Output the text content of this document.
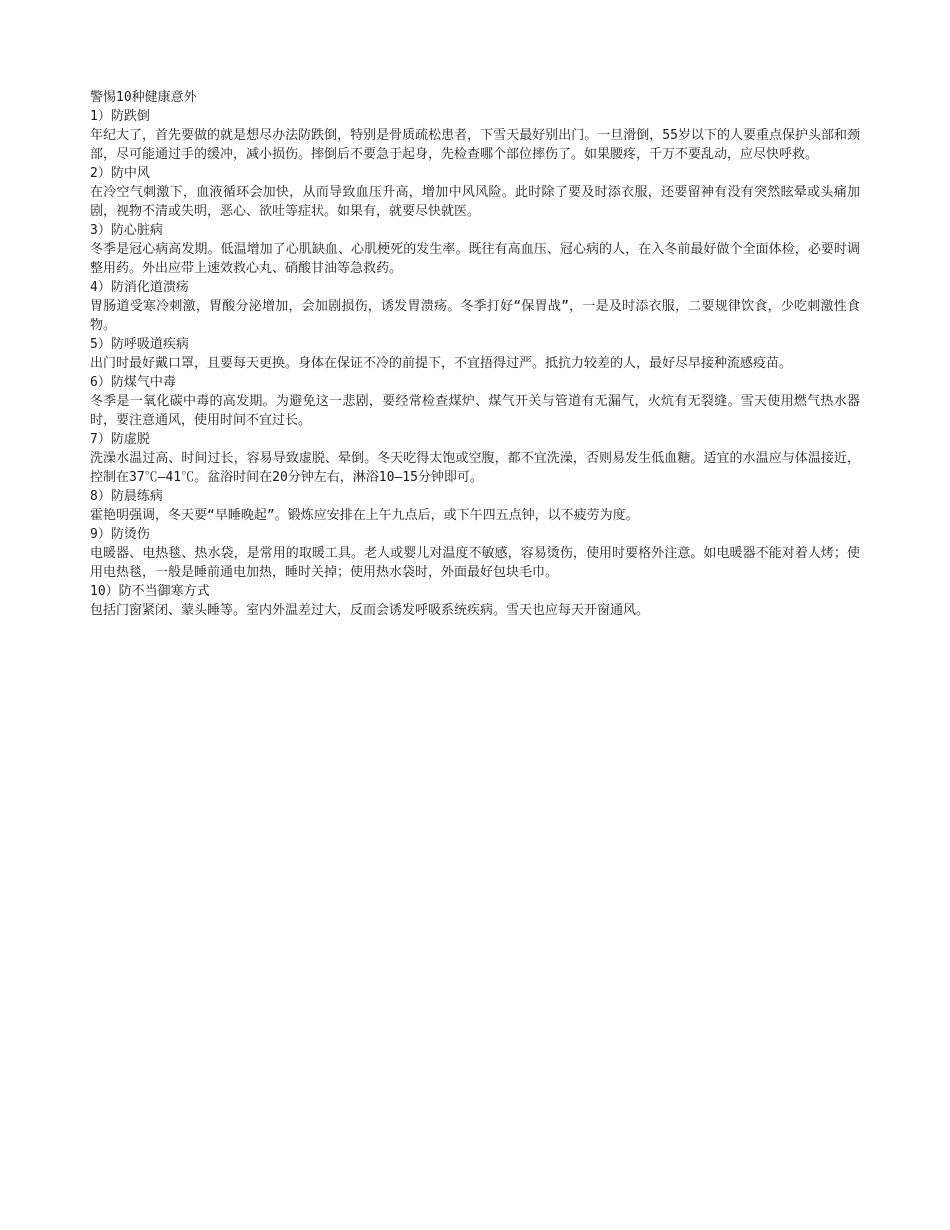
警惕10种健康意外

1）防跌倒

年纪大了，首先要做的就是想尽办法防跌倒，特别是骨质疏松患者，下雪天最好别出门。一旦滑倒，55岁以下的人要重点保护头部和颈部，尽可能通过手的缓冲，减小损伤。摔倒后不要急于起身，先检查哪个部位摔伤了。如果腰疼，千万不要乱动，应尽快呼救。

2）防中风

在冷空气刺激下，血液循环会加快，从而导致血压升高，增加中风风险。此时除了要及时添衣服，还要留神有没有突然眩晕或头痛加剧，视物不清或失明，恶心、欲吐等症状。如果有，就要尽快就医。

3）防心脏病

冬季是冠心病高发期。低温增加了心肌缺血、心肌梗死的发生率。既往有高血压、冠心病的人，在入冬前最好做个全面体检，必要时调整用药。外出应带上速效救心丸、硝酸甘油等急救药。

4）防消化道溃疡

胃肠道受寒冷刺激，胃酸分泌增加，会加剧损伤，诱发胃溃疡。冬季打好“保胃战”，一是及时添衣服，二要规律饮食，少吃刺激性食物。

5）防呼吸道疾病

出门时最好戴口罩，且要每天更换。身体在保证不冷的前提下，不宜捂得过严。抵抗力较差的人，最好尽早接种流感疫苗。

6）防煤气中毒

冬季是一氧化碳中毒的高发期。为避免这一悲剧，要经常检查煤炉、煤气开关与管道有无漏气，火炕有无裂缝。雪天使用燃气热水器时，要注意通风，使用时间不宜过长。

7）防虚脱

洗澡水温过高、时间过长，容易导致虚脱、晕倒。冬天吃得太饱或空腹，都不宜洗澡，否则易发生低血糖。适宜的水温应与体温接近，控制在37℃—41℃。盆浴时间在20分钟左右，淋浴10—15分钟即可。

8）防晨练病

霍艳明强调，冬天要“早睡晚起”。锻炼应安排在上午九点后，或下午四五点钟，以不疲劳为度。

9）防烫伤

电暖器、电热毯、热水袋，是常用的取暖工具。老人或婴儿对温度不敏感，容易烫伤，使用时要格外注意。如电暖器不能对着人烤；使用电热毯，一般是睡前通电加热，睡时关掉；使用热水袋时，外面最好包块毛巾。

10）防不当御寒方式

包括门窗紧闭、蒙头睡等。室内外温差过大，反而会诱发呼吸系统疾病。雪天也应每天开窗通风。
